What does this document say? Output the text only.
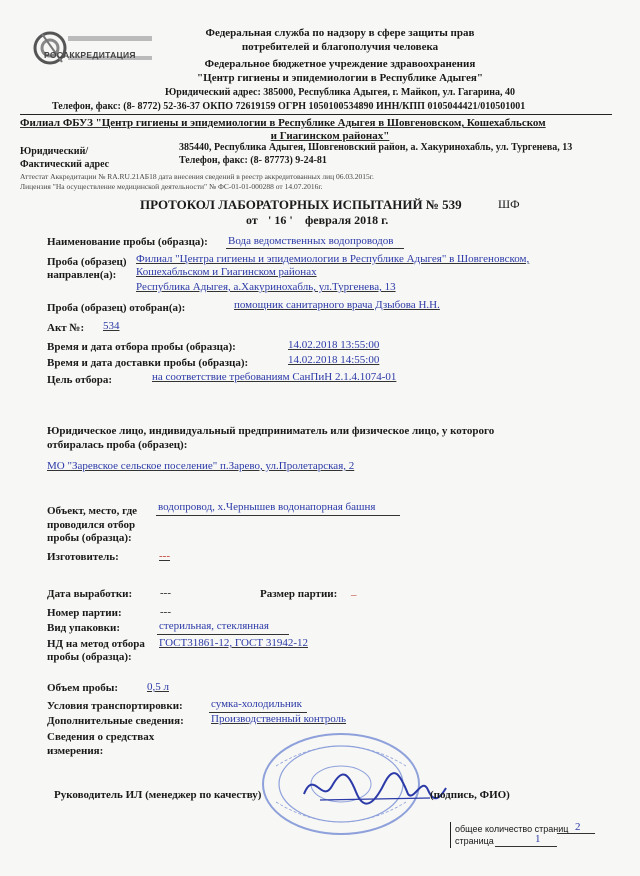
РОСАККРЕДИТАЦИЯ
Федеральная служба по надзору в сфере защиты прав
потребителей и благополучия человека
Федеральное бюджетное учреждение здравоохранения
"Центр гигиены и эпидемиологии в Республике Адыгея"
Юридический адрес: 385000, Республика Адыгея, г. Майкоп, ул. Гагарина, 40
Телефон, факс: (8- 8772) 52-36-37 ОКПО 72619159 ОГРН 1050100534890 ИНН/КПП 0105044421/010501001
Филиал ФБУЗ "Центр гигиены и эпидемиологии в Республике Адыгея в Шовгеновском, Кошехабльском
и Гиагинском районах"
Юридический/
Фактический адрес
385440, Республика Адыгея, Шовгеновский район, а. Хакуринохабль, ул. Тургенева, 13
Телефон, факс: (8- 87773) 9-24-81
Аттестат Аккредитации № RA.RU.21АБ18 дата внесения сведений в реестр аккредитованных лиц 06.03.2015г.
Лицензия "На осуществление медицинской деятельности" № ФС-01-01-000288 от 14.07.2016г.
ПРОТОКОЛ ЛАБОРАТОРНЫХ ИСПЫТАНИЙ № 539	ШФ
от ' 16 ' февраля 2018 г.
Наименование пробы (образца): Вода ведомственных водопроводов
Проба (образец)
направлен(а):
Филиал "Центра гигиены и эпидемиологии в Республике Адыгея" в Шовгеновском,
Кошехабльском и Гиагинском районах
Республика Адыгея, а.Хакуринохабль, ул.Тургенева, 13
Проба (образец) отобран(а):	помощник санитарного врача Дзыбова Н.Н.
Акт №: 534
Время и дата отбора пробы (образца):	14.02.2018 13:55:00
Время и дата доставки пробы (образца):	14.02.2018 14:55:00
Цель отбора:	на соответствие требованиям СанПиН 2.1.4.1074-01
Юридическое лицо, индивидуальный предприниматель или физическое лицо, у которого
отбиралась проба (образец):
МО "Заревское сельское поселение" п.Зарево, ул.Пролетарская, 2
Объект, место, где
проводился отбор
пробы (образца):
водопровод, х.Чернышев водонапорная башня
Изготовитель:	---
Дата выработки:	---	Размер партии: _
Номер партии:	---
Вид упаковки:	стерильная, стеклянная
НД на метод отбора
пробы (образца):
ГОСТ31861-12, ГОСТ 31942-12
Объем пробы:	0,5 л
Условия транспортировки:	сумка-холодильник
Дополнительные сведения: Производственный контроль
Сведения о средствах
измерения:
Руководитель ИЛ (менеджер по качеству)	(подпись, ФИО)
общее количество страниц 2
страница	1
